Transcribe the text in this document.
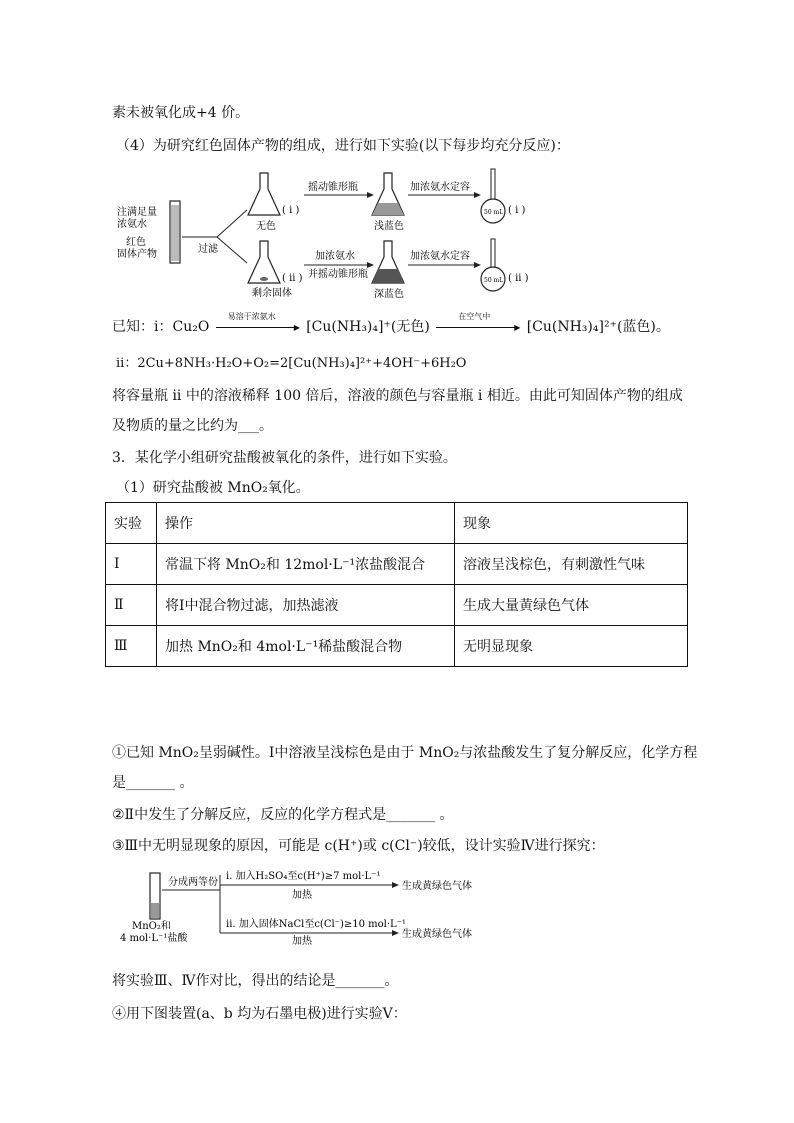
素未被氧化成+4 价。
（4）为研究红色固体产物的组成，进行如下实验(以下每步均充分反应)：
注满足量
浓氨水
红色
固体产物	过滤
( i )
无色
( ii )
剩余固体
摇动锥形瓶
浅蓝色
加浓氨水定容
50 mL ( i )
加浓氨水
并摇动锥形瓶
深蓝色
加浓氨水定容
50 mL ( ii )
已知：i：Cu₂O
易溶于浓氨水
▶ [Cu(NH₃)₄]⁺(无色)
在空气中
▶ [Cu(NH₃)₄]²⁺(蓝色)。
ii：2Cu+8NH₃·H₂O+O₂=2[Cu(NH₃)₄]²⁺+4OH⁻+6H₂O
将容量瓶 ii 中的溶液稀释 100 倍后，溶液的颜色与容量瓶 i 相近。由此可知固体产物的组成
及物质的量之比约为___。
3．某化学小组研究盐酸被氧化的条件，进行如下实验。
（1）研究盐酸被 MnO₂氧化。
实验	操作	现象
Ⅰ	常温下将 MnO₂和 12mol·L⁻¹浓盐酸混合	溶液呈浅棕色，有刺激性气味
Ⅱ	将Ⅰ中混合物过滤，加热滤液	生成大量黄绿色气体
Ⅲ	加热 MnO₂和 4mol·L⁻¹稀盐酸混合物	无明显现象
①已知 MnO₂呈弱碱性。Ⅰ中溶液呈浅棕色是由于 MnO₂与浓盐酸发生了复分解反应，化学方程
是_______ 。
②Ⅱ中发生了分解反应，反应的化学方程式是_______ 。
③Ⅲ中无明显现象的原因，可能是 c(H⁺)或 c(Cl⁻)较低，设计实验Ⅳ进行探究：
MnO₂和
4 mol·L⁻¹盐酸
分成两等份
i. 加入H₂SO₄至c(H⁺)≥7 mol·L⁻¹
加热
生成黄绿色气体
ii. 加入固体NaCl至c(Cl⁻)≥10 mol·L⁻¹
加热
生成黄绿色气体
将实验Ⅲ、Ⅳ作对比，得出的结论是_______。
④用下图装置(a、b 均为石墨电极)进行实验Ⅴ：
